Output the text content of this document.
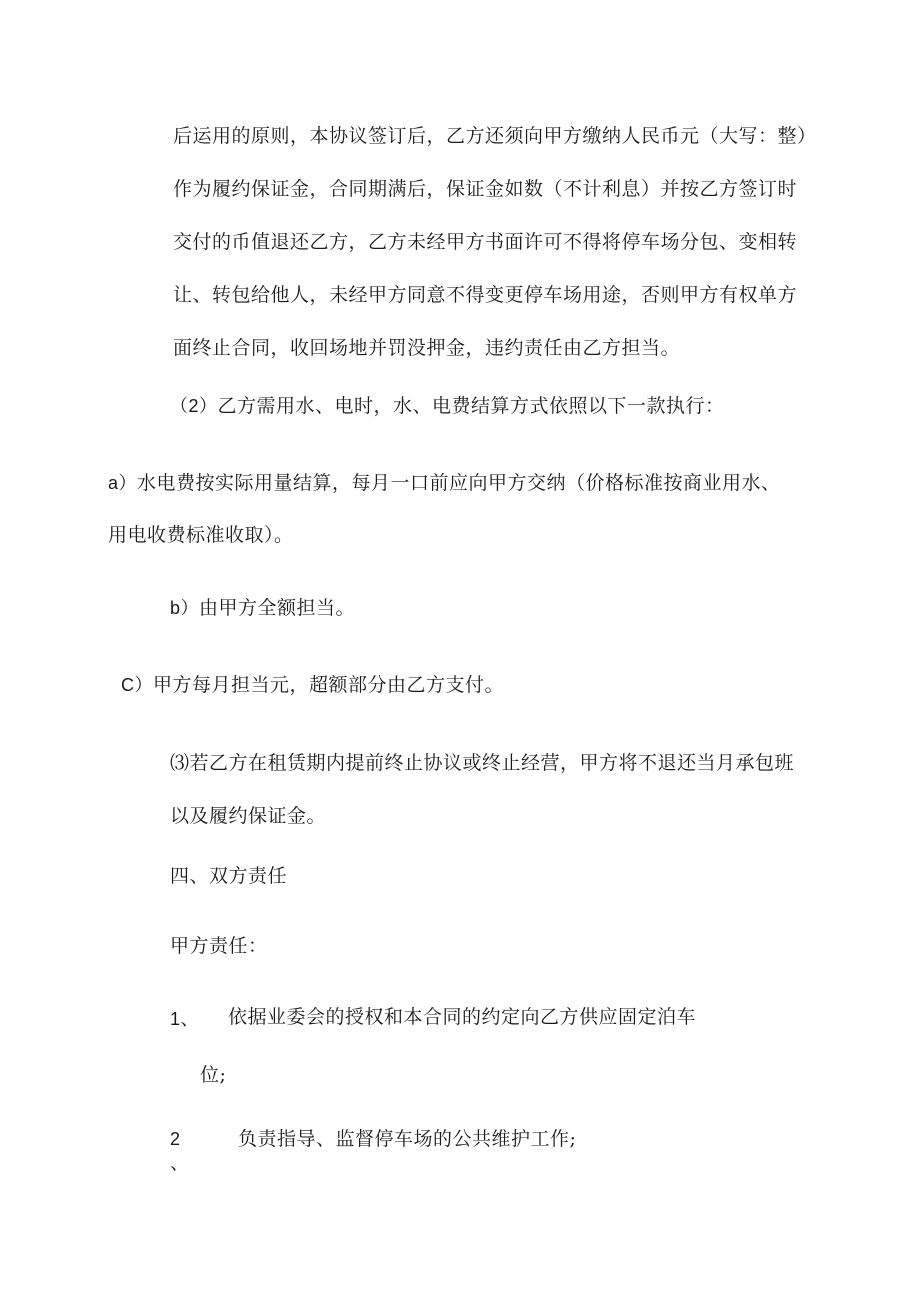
后运用的原则，本协议签订后，乙方还须向甲方缴纳人民币元（大写：整）
作为履约保证金，合同期满后，保证金如数（不计利息）并按乙方签订时
交付的币值退还乙方，乙方未经甲方书面许可不得将停车场分包、变相转
让、转包给他人，未经甲方同意不得变更停车场用途，否则甲方有权单方
面终止合同，收回场地并罚没押金，违约责任由乙方担当。
（2）乙方需用水、电时，水、电费结算方式依照以下一款执行：
a）水电费按实际用量结算，每月一口前应向甲方交纳（价格标准按商业用水、
用电收费标准收取）。
b）由甲方全额担当。
C）甲方每月担当元，超额部分由乙方支付。
⑶若乙方在租赁期内提前终止协议或终止经营，甲方将不退还当月承包班
以及履约保证金。
四、双方责任
甲方责任：
1、 依据业委会的授权和本合同的约定向乙方供应固定泊车
位;
2	负责指导、监督停车场的公共维护工作;
、
